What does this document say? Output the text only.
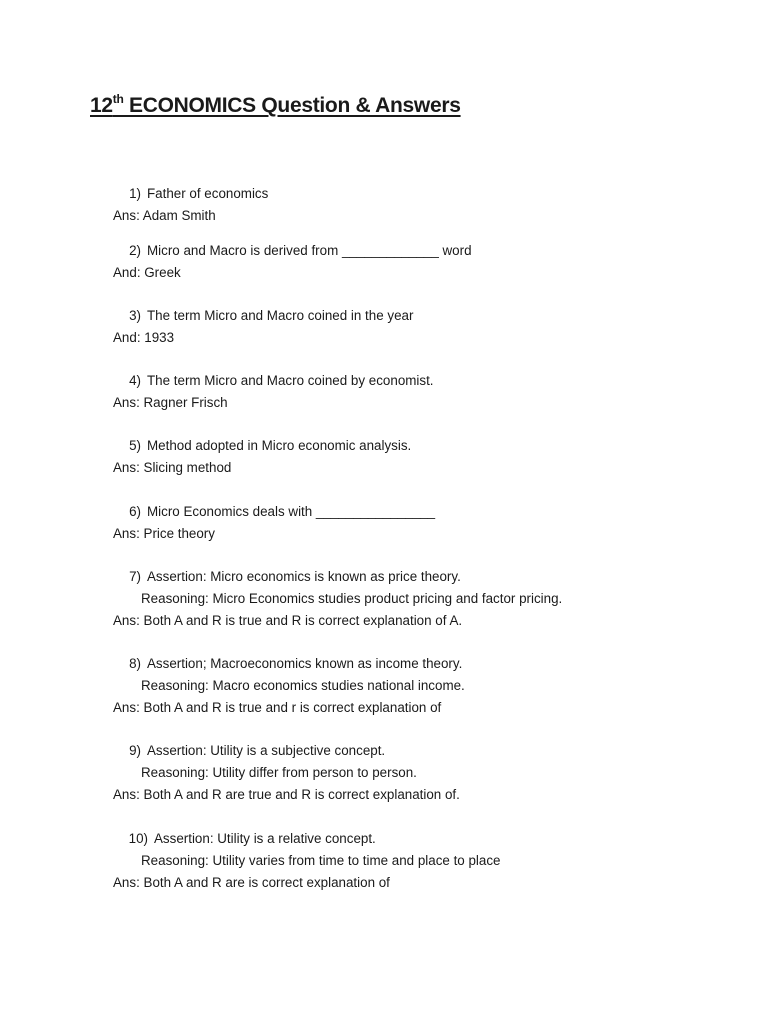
12th ECONOMICS Question & Answers
1) Father of economics
Ans: Adam Smith
2) Micro and Macro is derived from _____________ word
And: Greek
3) The term Micro and Macro coined in the year
And: 1933
4) The term Micro and Macro coined by economist.
Ans: Ragner Frisch
5) Method adopted in Micro economic analysis.
Ans: Slicing method
6) Micro Economics deals with ________________
Ans: Price theory
7) Assertion: Micro economics is known as price theory.
Reasoning: Micro Economics studies product pricing and factor pricing.
Ans: Both A and R is true and R is correct explanation of A.
8) Assertion; Macroeconomics known as income theory.
Reasoning: Macro economics studies national income.
Ans: Both A and R is true and r is correct explanation of
9) Assertion: Utility is a subjective concept.
Reasoning: Utility differ from person to person.
Ans: Both A and R are true and R is correct explanation of.
10) Assertion: Utility is a relative concept.
Reasoning: Utility varies from time to time and place to place
Ans: Both A and R are is correct explanation of
